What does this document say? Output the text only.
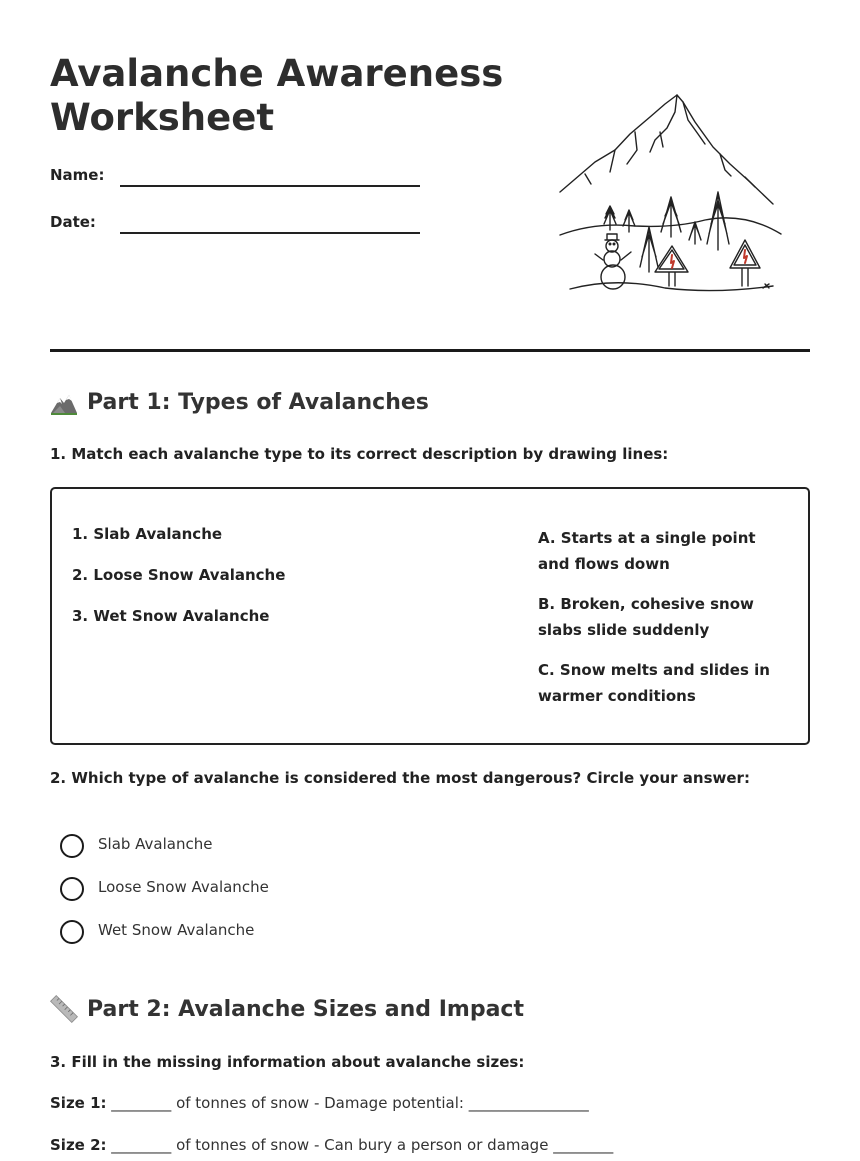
Avalanche Awareness Worksheet
Name:
Date:
Part 1: Types of Avalanches
1. Match each avalanche type to its correct description by drawing lines:
1. Slab Avalanche
2. Loose Snow Avalanche
3. Wet Snow Avalanche
A. Starts at a single point and flows down
B. Broken, cohesive snow slabs slide suddenly
C. Snow melts and slides in warmer conditions
2. Which type of avalanche is considered the most dangerous? Circle your answer:
Slab Avalanche
Loose Snow Avalanche
Wet Snow Avalanche
Part 2: Avalanche Sizes and Impact
3. Fill in the missing information about avalanche sizes:
Size 1: ________ of tonnes of snow - Damage potential: ________________
Size 2: ________ of tonnes of snow - Can bury a person or damage ________
